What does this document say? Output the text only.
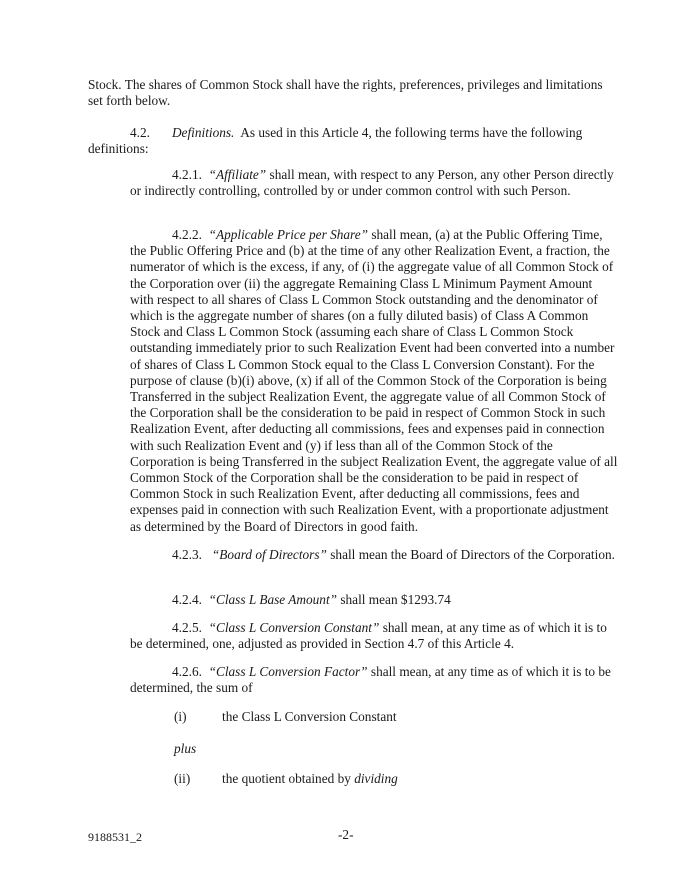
Stock. The shares of Common Stock shall have the rights, preferences, privileges and limitations set forth below.

4.2. Definitions. As used in this Article 4, the following terms have the following definitions:

4.2.1. “Affiliate” shall mean, with respect to any Person, any other Person directly or indirectly controlling, controlled by or under common control with such Person.

4.2.2. “Applicable Price per Share” shall mean, (a) at the Public Offering Time, the Public Offering Price and (b) at the time of any other Realization Event, a fraction, the numerator of which is the excess, if any, of (i) the aggregate value of all Common Stock of the Corporation over (ii) the aggregate Remaining Class L Minimum Payment Amount with respect to all shares of Class L Common Stock outstanding and the denominator of which is the aggregate number of shares (on a fully diluted basis) of Class A Common Stock and Class L Common Stock (assuming each share of Class L Common Stock outstanding immediately prior to such Realization Event had been converted into a number of shares of Class L Common Stock equal to the Class L Conversion Constant). For the purpose of clause (b)(i) above, (x) if all of the Common Stock of the Corporation is being Transferred in the subject Realization Event, the aggregate value of all Common Stock of the Corporation shall be the consideration to be paid in respect of Common Stock in such Realization Event, after deducting all commissions, fees and expenses paid in connection with such Realization Event and (y) if less than all of the Common Stock of the Corporation is being Transferred in the subject Realization Event, the aggregate value of all Common Stock of the Corporation shall be the consideration to be paid in respect of Common Stock in such Realization Event, after deducting all commissions, fees and expenses paid in connection with such Realization Event, with a proportionate adjustment as determined by the Board of Directors in good faith.

4.2.3. “Board of Directors” shall mean the Board of Directors of the Corporation.

4.2.4. “Class L Base Amount” shall mean $1293.74

4.2.5. “Class L Conversion Constant” shall mean, at any time as of which it is to be determined, one, adjusted as provided in Section 4.7 of this Article 4.

4.2.6. “Class L Conversion Factor” shall mean, at any time as of which it is to be determined, the sum of

(i)	the Class L Conversion Constant

plus

(ii) the quotient obtained by dividing

9188531_2	-2-
